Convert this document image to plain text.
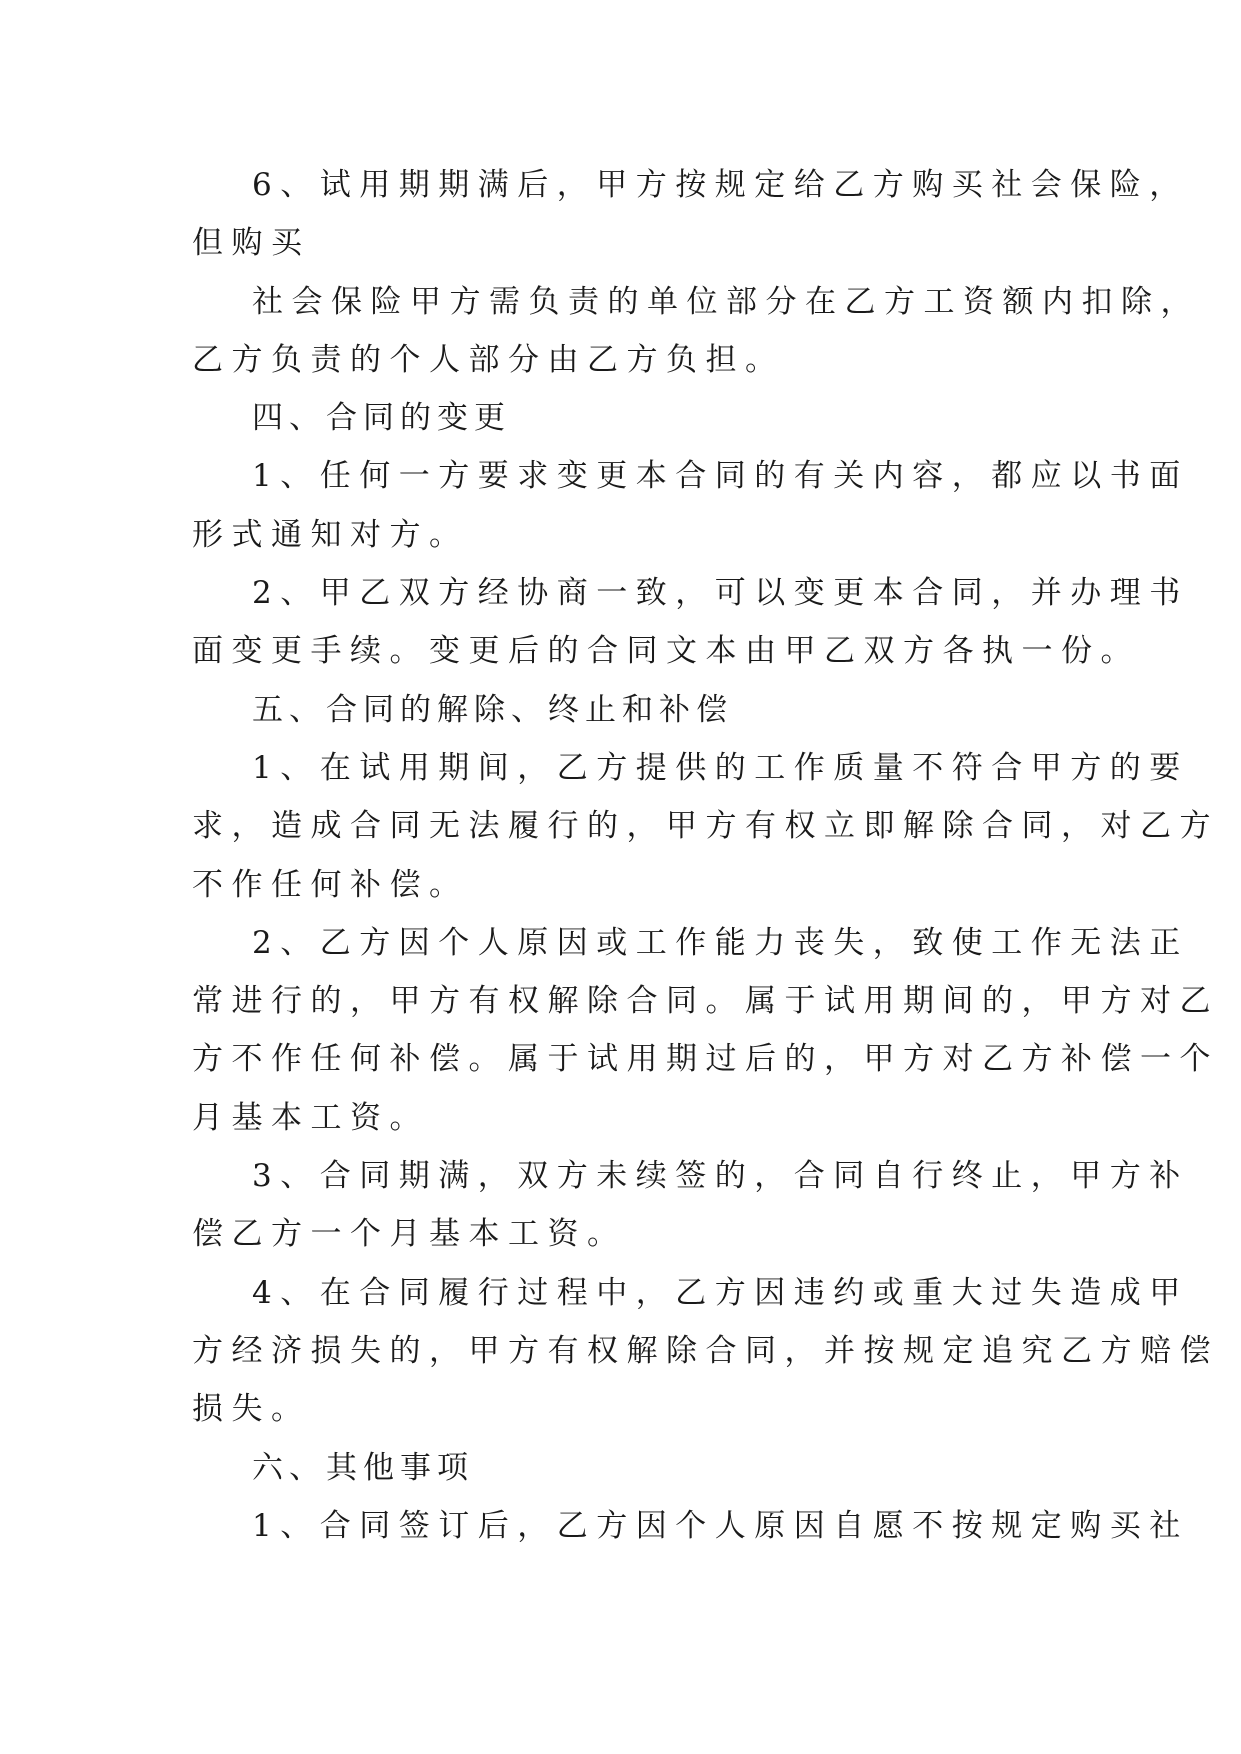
6、试用期期满后，甲方按规定给乙方购买社会保险，
但购买
社会保险甲方需负责的单位部分在乙方工资额内扣除，
乙方负责的个人部分由乙方负担。
四、合同的变更
1、任何一方要求变更本合同的有关内容，都应以书面
形式通知对方。
2、甲乙双方经协商一致，可以变更本合同，并办理书
面变更手续。变更后的合同文本由甲乙双方各执一份。
五、合同的解除、终止和补偿
1、在试用期间，乙方提供的工作质量不符合甲方的要
求，造成合同无法履行的，甲方有权立即解除合同，对乙方
不作任何补偿。
2、乙方因个人原因或工作能力丧失，致使工作无法正
常进行的，甲方有权解除合同。属于试用期间的，甲方对乙
方不作任何补偿。属于试用期过后的，甲方对乙方补偿一个
月基本工资。
3、合同期满，双方未续签的，合同自行终止，甲方补
偿乙方一个月基本工资。
4、在合同履行过程中，乙方因违约或重大过失造成甲
方经济损失的，甲方有权解除合同，并按规定追究乙方赔偿
损失。
六、其他事项
1、合同签订后，乙方因个人原因自愿不按规定购买社
